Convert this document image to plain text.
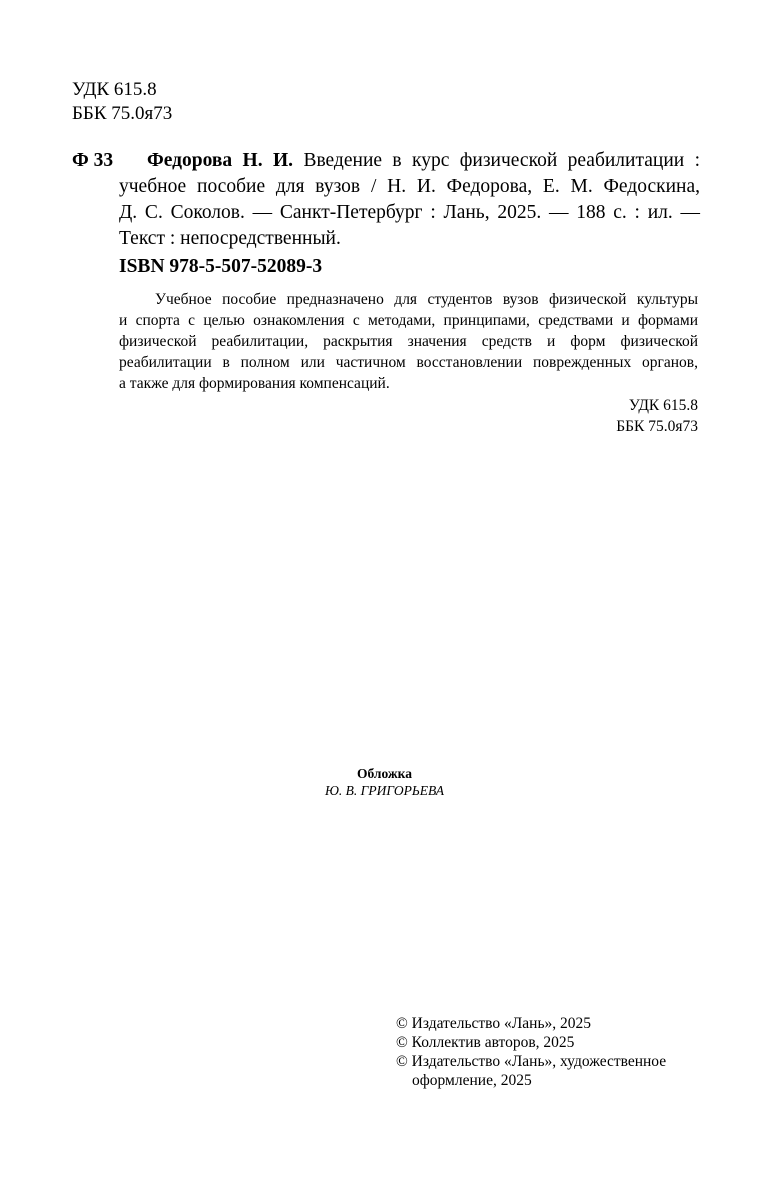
УДК 615.8
ББК 75.0я73
Ф 33	Федорова Н. И. Введение в курс физической реабилитации :
учебное пособие для вузов / Н. И. Федорова, Е. М. Федоскина,
Д. С. Соколов. — Санкт-Петербург : Лань, 2025. — 188 с. : ил. —
Текст : непосредственный.
ISBN 978-5-507-52089-3
Учебное пособие предназначено для студентов вузов физической культуры
и спорта с целью ознакомления с методами, принципами, средствами и формами
физической реабилитации, раскрытия значения средств и форм физической
реабилитации в полном или частичном восстановлении поврежденных органов,
а также для формирования компенсаций.
УДК 615.8
ББК 75.0я73
Обложка
Ю. В. ГРИГОРЬЕВА
© Издательство «Лань», 2025
© Коллектив авторов, 2025
© Издательство «Лань», художественное
оформление, 2025
